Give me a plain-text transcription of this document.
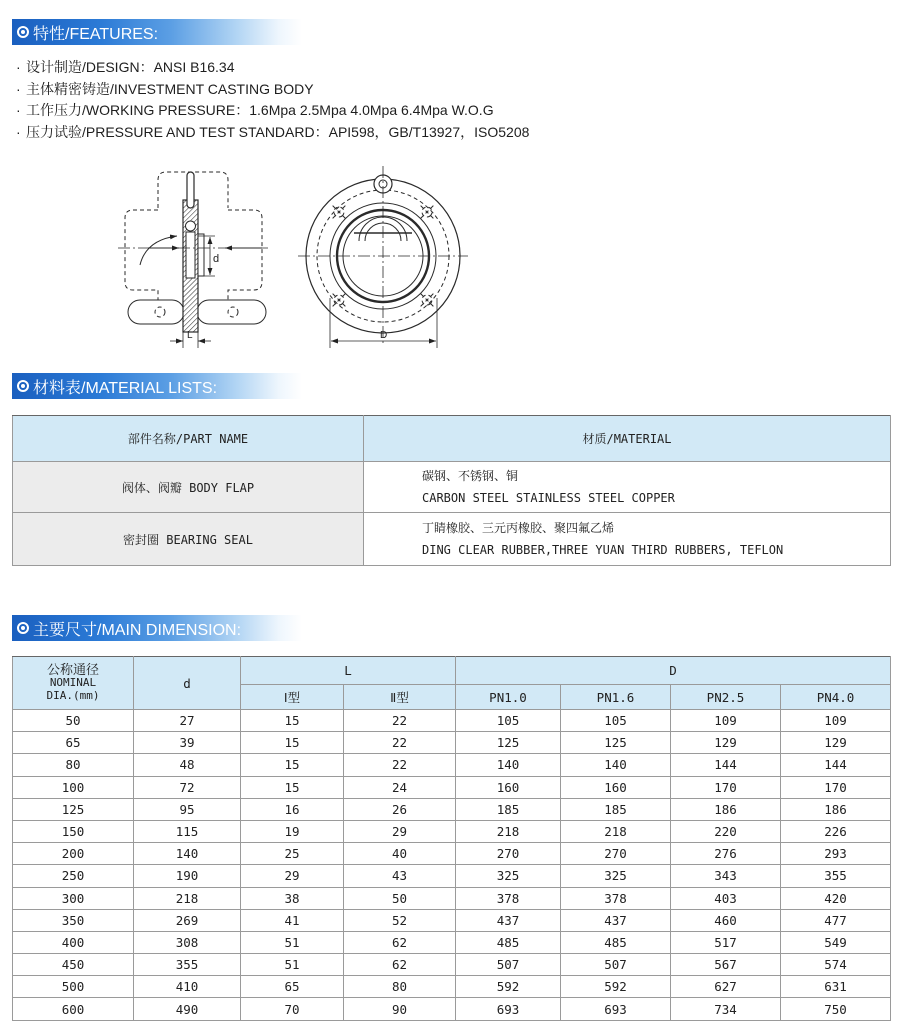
特性/FEATURES:
· 设计制造/DESIGN：ANSI B16.34
· 主体精密铸造/INVESTMENT CASTING BODY
· 工作压力/WORKING PRESSURE：1.6Mpa 2.5Mpa 4.0Mpa 6.4Mpa W.O.G
· 压力试验/PRESSURE AND TEST STANDARD：API598，GB/T13927，ISO5208
d
L	D
材料表/MATERIAL LISTS:
部件名称/PART NAME	材质/MATERIAL
阀体、阀瓣 BODY FLAP	碳钢、不锈钢、铜
CARBON STEEL STAINLESS STEEL COPPER

密封圈 BEARING SEAL	丁睛橡胶、三元丙橡胶、聚四氟乙烯
DING CLEAR RUBBER,THREE YUAN THIRD RUBBERS, TEFLON
主要尺寸/MAIN DIMENSION:
公称通径
NOMINAL
DIA.(mm)	d	L		D			
		Ⅰ型	Ⅱ型	PN1.0	PN1.6	PN2.5	PN4.0
50	27	15	22	105	105	109	109
65	39	15	22	125	125	129	129
80	48	15	22	140	140	144	144
100	72	15	24	160	160	170	170
125	95	16	26	185	185	186	186
150	115	19	29	218	218	220	226
200	140	25	40	270	270	276	293
250	190	29	43	325	325	343	355
300	218	38	50	378	378	403	420
350	269	41	52	437	437	460	477
400	308	51	62	485	485	517	549
450	355	51	62	507	507	567	574
500	410	65	80	592	592	627	631
600	490	70	90	693	693	734	750
